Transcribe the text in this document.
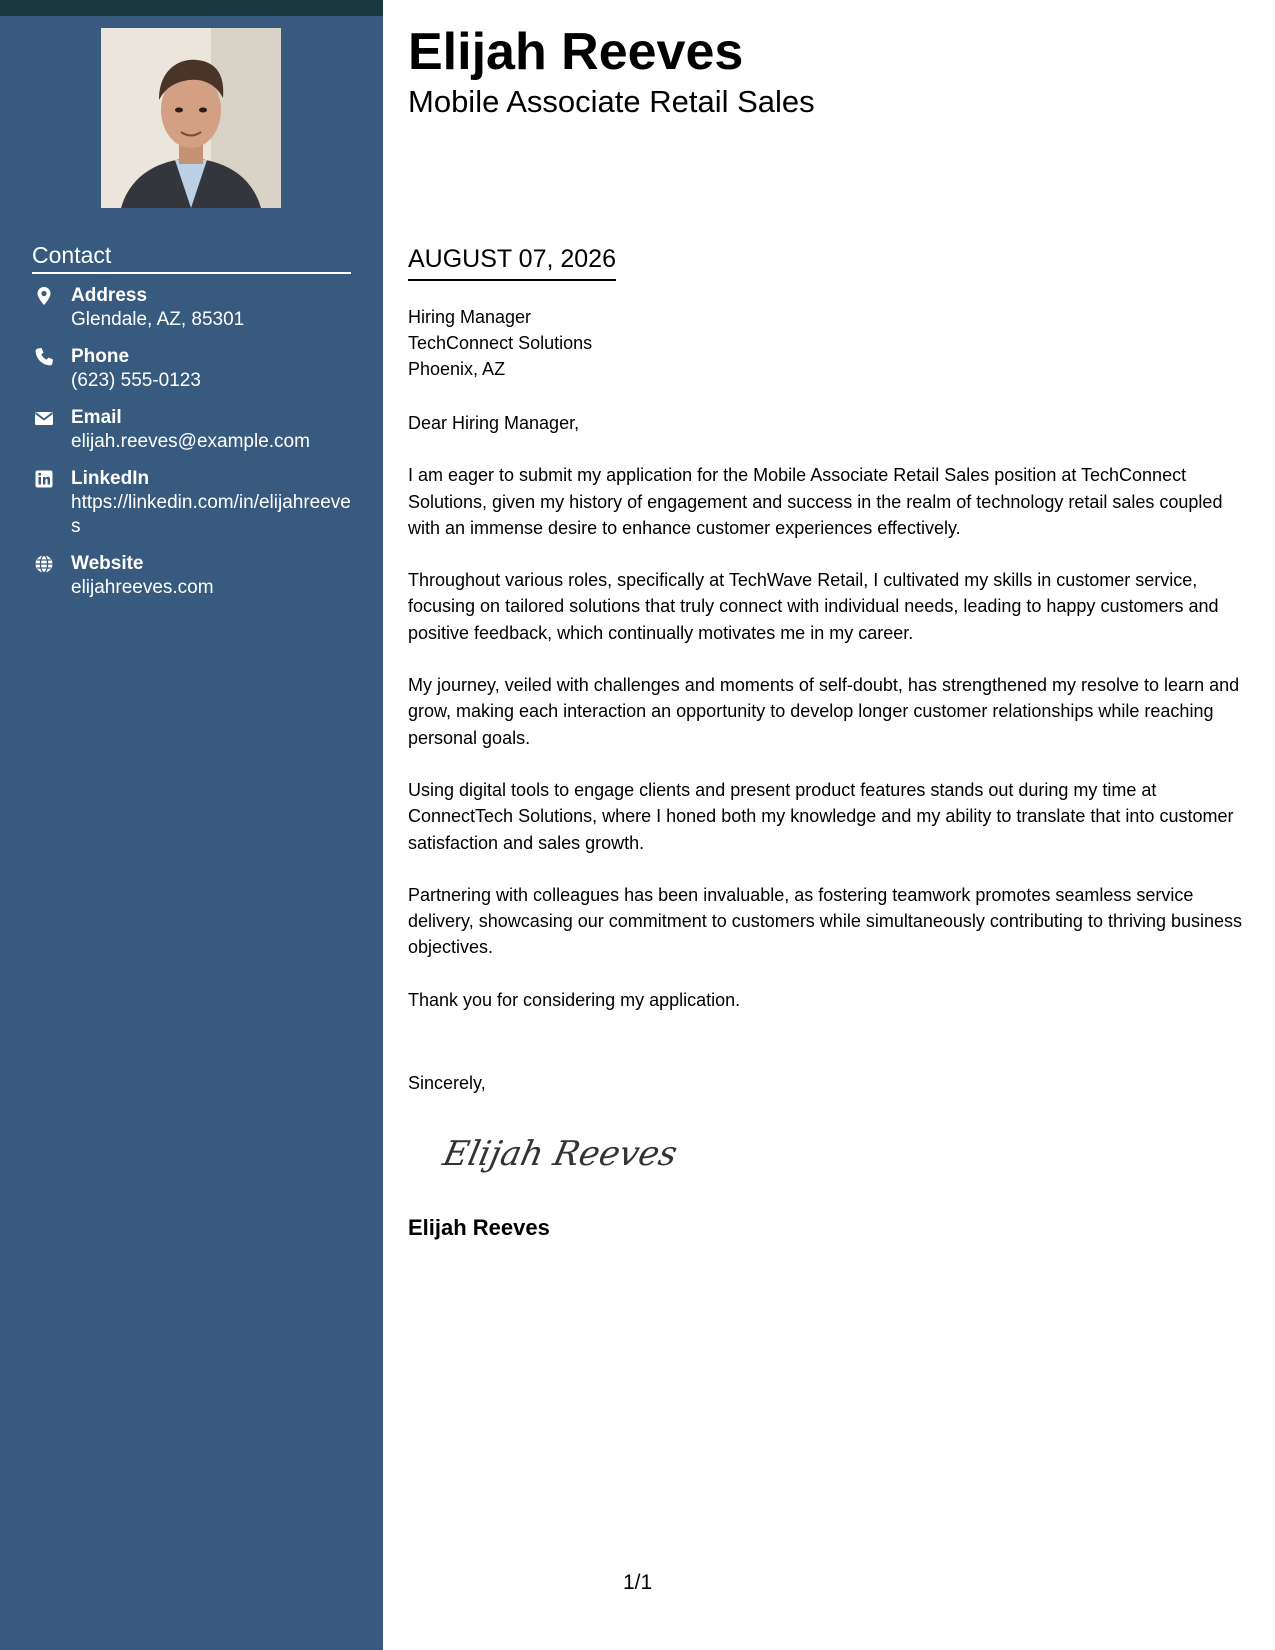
Contact
Address
Glendale, AZ, 85301
Phone
(623) 555-0123
Email
elijah.reeves@example.com
LinkedIn
https://linkedin.com/in/elijahreeves
Website
elijahreeves.com
Elijah Reeves
Mobile Associate Retail Sales
AUGUST 07, 2026
Hiring Manager
TechConnect Solutions
Phoenix, AZ
Dear Hiring Manager,

I am eager to submit my application for the Mobile Associate Retail Sales position at TechConnect Solutions, given my history of engagement and success in the realm of technology retail sales coupled with an immense desire to enhance customer experiences effectively.

Throughout various roles, specifically at TechWave Retail, I cultivated my skills in customer service, focusing on tailored solutions that truly connect with individual needs, leading to happy customers and positive feedback, which continually motivates me in my career.

My journey, veiled with challenges and moments of self-doubt, has strengthened my resolve to learn and grow, making each interaction an opportunity to develop longer customer relationships while reaching personal goals.

Using digital tools to engage clients and present product features stands out during my time at ConnectTech Solutions, where I honed both my knowledge and my ability to translate that into customer satisfaction and sales growth.

Partnering with colleagues has been invaluable, as fostering teamwork promotes seamless service delivery, showcasing our commitment to customers while simultaneously contributing to thriving business objectives.

Thank you for considering my application.

Sincerely,
Elijah Reeves
Elijah Reeves
1/1
